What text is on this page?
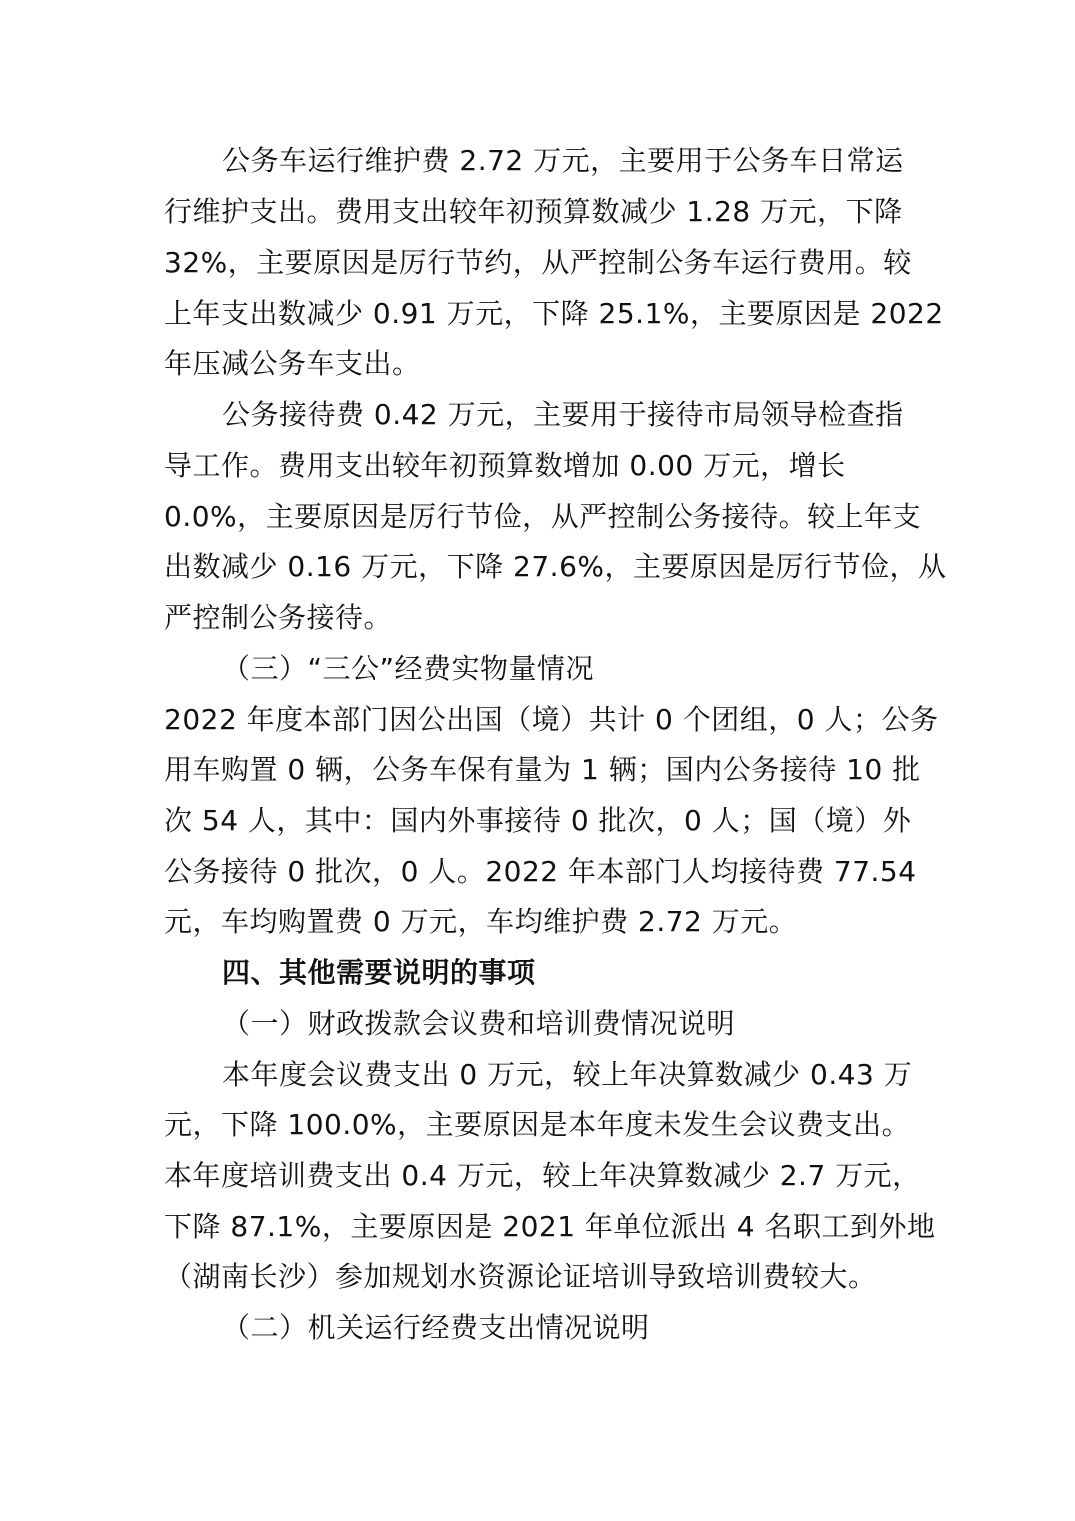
公务车运行维护费 2.72 万元，主要用于公务车日常运
行维护支出。费用支出较年初预算数减少 1.28 万元，下降
32%，主要原因是厉行节约，从严控制公务车运行费用。较
上年支出数减少 0.91 万元，下降 25.1%，主要原因是 2022
年压减公务车支出。
公务接待费 0.42 万元，主要用于接待市局领导检查指
导工作。费用支出较年初预算数增加 0.00 万元，增长
0.0%，主要原因是厉行节俭，从严控制公务接待。较上年支
出数减少 0.16 万元，下降 27.6%，主要原因是厉行节俭，从
严控制公务接待。
（三）“三公”经费实物量情况
2022 年度本部门因公出国（境）共计 0 个团组，0 人；公务
用车购置 0 辆，公务车保有量为 1 辆；国内公务接待 10 批
次 54 人，其中：国内外事接待 0 批次，0 人；国（境）外
公务接待 0 批次，0 人。2022 年本部门人均接待费 77.54
元，车均购置费 0 万元，车均维护费 2.72 万元。
四、其他需要说明的事项
（一）财政拨款会议费和培训费情况说明
本年度会议费支出 0 万元，较上年决算数减少 0.43 万
元，下降 100.0%，主要原因是本年度未发生会议费支出。
本年度培训费支出 0.4 万元，较上年决算数减少 2.7 万元，
下降 87.1%，主要原因是 2021 年单位派出 4 名职工到外地
（湖南长沙）参加规划水资源论证培训导致培训费较大。
（二）机关运行经费支出情况说明
